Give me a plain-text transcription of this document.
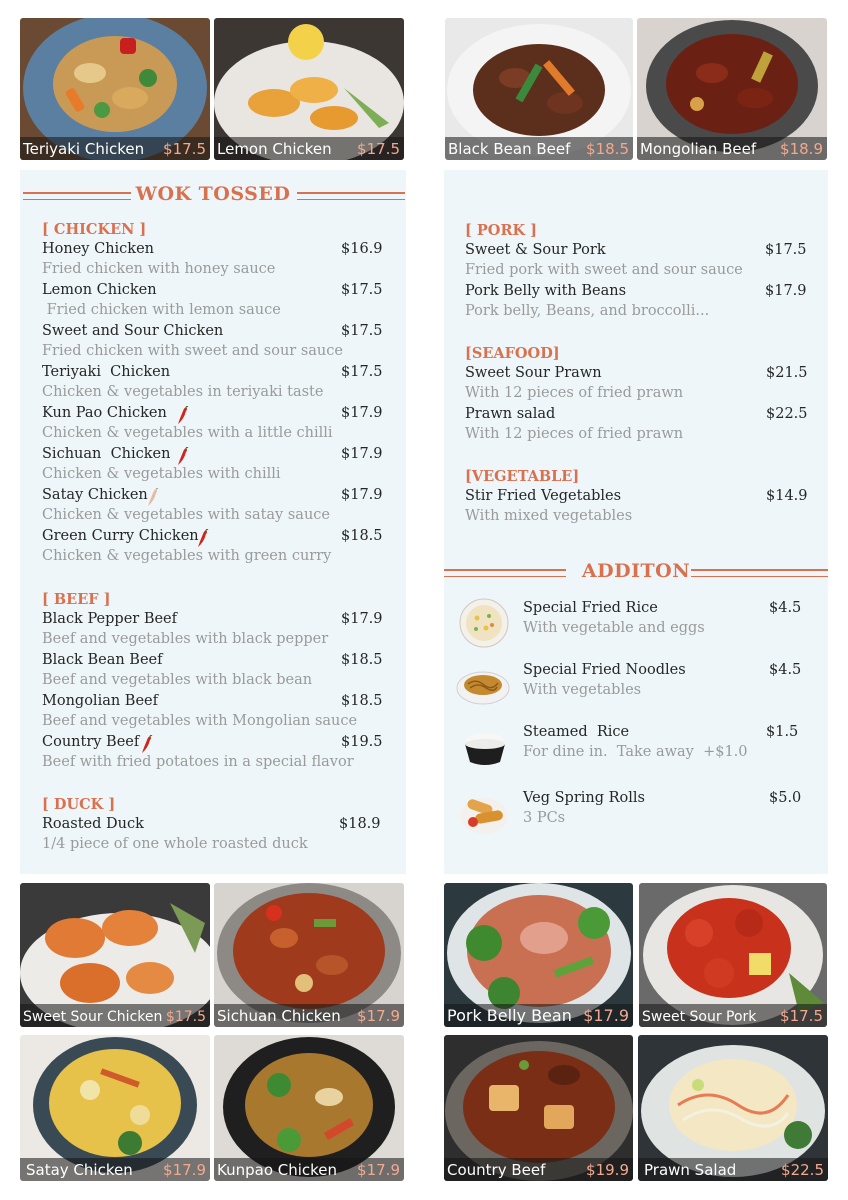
Teriyaki Chicken $17.5 Lemon Chicken $17.5	Black Bean Beef $18.5 Mongolian Beef $18.9
WOK TOSSED
[ CHICKEN ]
Honey Chicken	$16.9
Fried chicken with honey sauce
Lemon Chicken	$17.5
Fried chicken with lemon sauce
Sweet and Sour Chicken	$17.5
Fried chicken with sweet and sour sauce
Teriyaki  Chicken	$17.5
Chicken & vegetables in teriyaki taste
Kun Pao Chicken	$17.9
Chicken & vegetables with a little chilli
Sichuan  Chicken	$17.9
Chicken & vegetables with chilli
Satay Chicken	$17.9
Chicken & vegetables with satay sauce
Green Curry Chicken	$18.5
Chicken & vegetables with green curry
[ BEEF ]
Black Pepper Beef	$17.9
Beef and vegetables with black pepper
Black Bean Beef	$18.5
Beef and vegetables with black bean
Mongolian Beef	$18.5
Beef and vegetables with Mongolian sauce
Country Beef	$19.5
Beef with fried potatoes in a special flavor
[ DUCK ]
Roasted Duck	$18.9
1/4 piece of one whole roasted duck
[ PORK ]
Sweet & Sour Pork	$17.5
Fried pork with sweet and sour sauce
Pork Belly with Beans	$17.9
Pork belly, Beans, and broccolli...
[SEAFOOD]
Sweet Sour Prawn	$21.5
With 12 pieces of fried prawn
Prawn salad	$22.5
With 12 pieces of fried prawn
[VEGETABLE]
Stir Fried Vegetables	$14.9
With mixed vegetables
ADDITON
Special Fried Rice
With vegetable and eggs
$4.5
Special Fried Noodles
With vegetables
$4.5
Steamed  Rice
For dine in.  Take away  +$1.0
$1.5
Veg Spring Rolls
3 PCs
$5.0
Sweet Sour Chicken $17.5 Sichuan Chicken $17.9	Pork Belly Bean $17.9 Sweet Sour Pork $17.5
Satay Chicken $17.9 Kunpao Chicken $17.9	Country Beef	$19.9 Prawn Salad	$22.5
